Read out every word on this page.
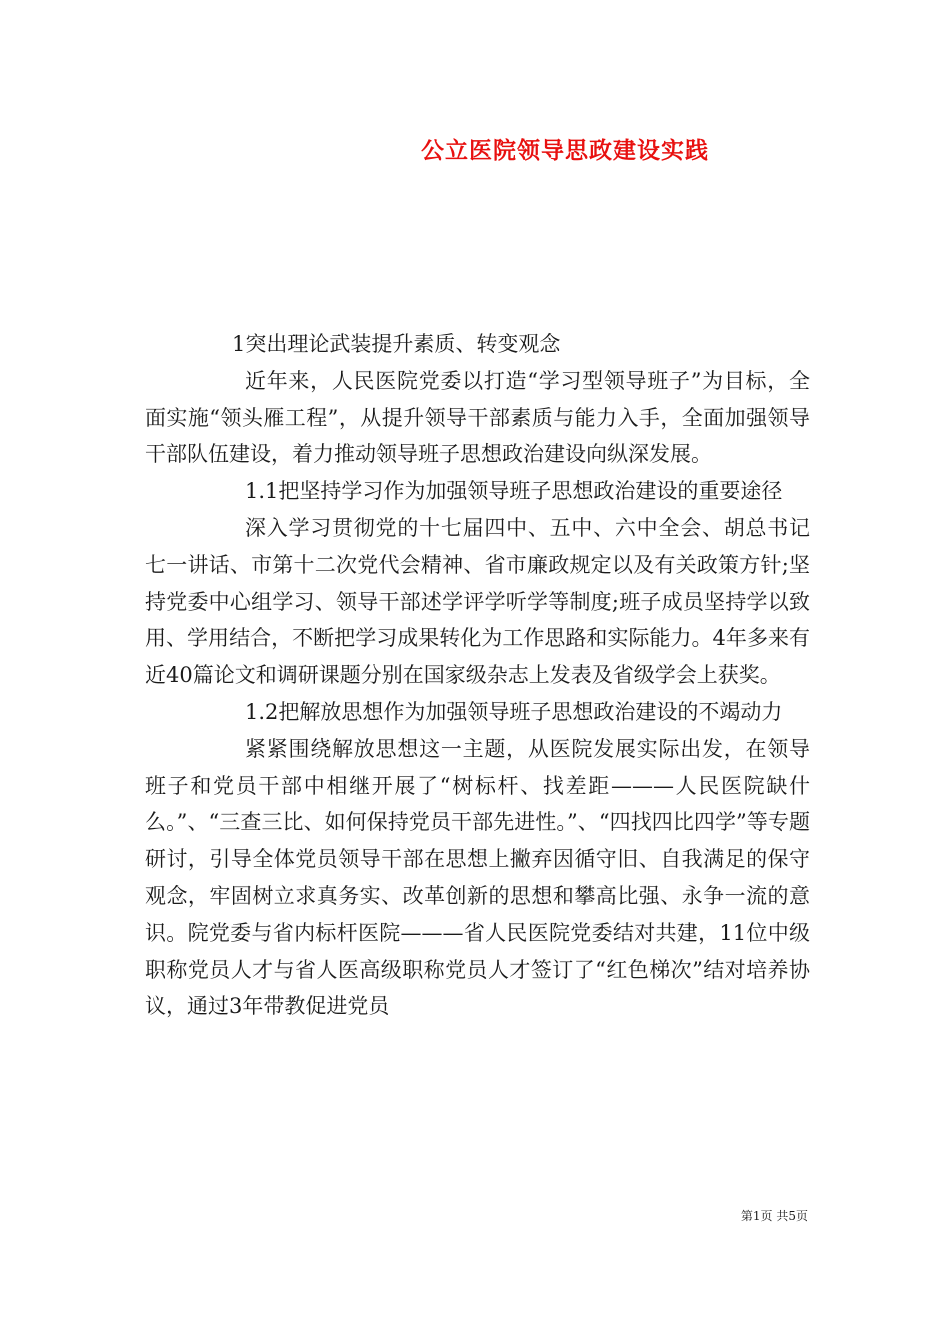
公立医院领导思政建设实践

1突出理论武装提升素质、转变观念

近年来，人民医院党委以打造“学习型领导班子”为目标，全面实施“领头雁工程”，从提升领导干部素质与能力入手，全面加强领导干部队伍建设，着力推动领导班子思想政治建设向纵深发展。

1.1把坚持学习作为加强领导班子思想政治建设的重要途径

深入学习贯彻党的十七届四中、五中、六中全会、胡总书记七一讲话、市第十二次党代会精神、省市廉政规定以及有关政策方针;坚持党委中心组学习、领导干部述学评学听学等制度;班子成员坚持学以致用、学用结合，不断把学习成果转化为工作思路和实际能力。4年多来有近40篇论文和调研课题分别在国家级杂志上发表及省级学会上获奖。

1.2把解放思想作为加强领导班子思想政治建设的不竭动力

紧紧围绕解放思想这一主题，从医院发展实际出发，在领导班子和党员干部中相继开展了“树标杆、找差距———人民医院缺什么。”、“三查三比、如何保持党员干部先进性。”、“四找四比四学”等专题研讨，引导全体党员领导干部在思想上撇弃因循守旧、自我满足的保守观念，牢固树立求真务实、改革创新的思想和攀高比强、永争一流的意识。院党委与省内标杆医院———省人民医院党委结对共建，11位中级职称党员人才与省人医高级职称党员人才签订了“红色梯次”结对培养协议，通过3年带教促进党员

第1页 共5页
